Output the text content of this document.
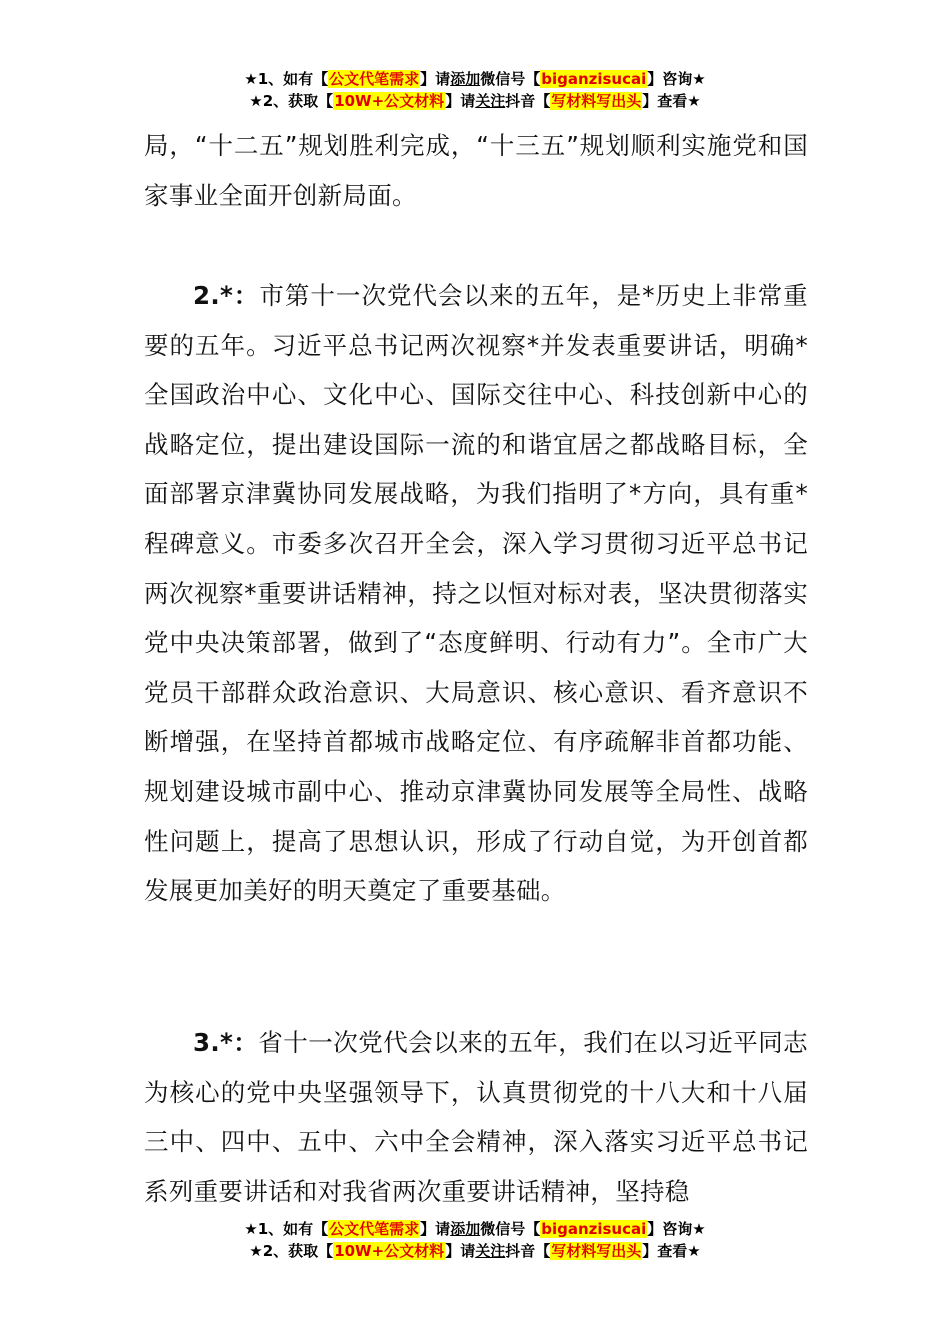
★1、如有【公文代笔需求】请添加微信号【biganzisucai】咨询★
★2、获取【10W+公文材料】请关注抖音【写材料写出头】查看★

局，“十二五”规划胜利完成，“十三五”规划顺利实施党和国家事业全面开创新局面。

2.*：市第十一次党代会以来的五年，是*历史上非常重要的五年。习近平总书记两次视察*并发表重要讲话，明确*全国政治中心、文化中心、国际交往中心、科技创新中心的战略定位，提出建设国际一流的和谐宜居之都战略目标，全面部署京津冀协同发展战略，为我们指明了*方向，具有重*程碑意义。市委多次召开全会，深入学习贯彻习近平总书记两次视察*重要讲话精神，持之以恒对标对表，坚决贯彻落实党中央决策部署，做到了“态度鲜明、行动有力”。全市广大党员干部群众政治意识、大局意识、核心意识、看齐意识不断增强，在坚持首都城市战略定位、有序疏解非首都功能、规划建设城市副中心、推动京津冀协同发展等全局性、战略性问题上，提高了思想认识，形成了行动自觉，为开创首都发展更加美好的明天奠定了重要基础。

3.*：省十一次党代会以来的五年，我们在以习近平同志为核心的党中央坚强领导下，认真贯彻党的十八大和十八届三中、四中、五中、六中全会精神，深入落实习近平总书记系列重要讲话和对我省两次重要讲话精神，坚持稳

★1、如有【公文代笔需求】请添加微信号【biganzisucai】咨询★
★2、获取【10W+公文材料】请关注抖音【写材料写出头】查看★
